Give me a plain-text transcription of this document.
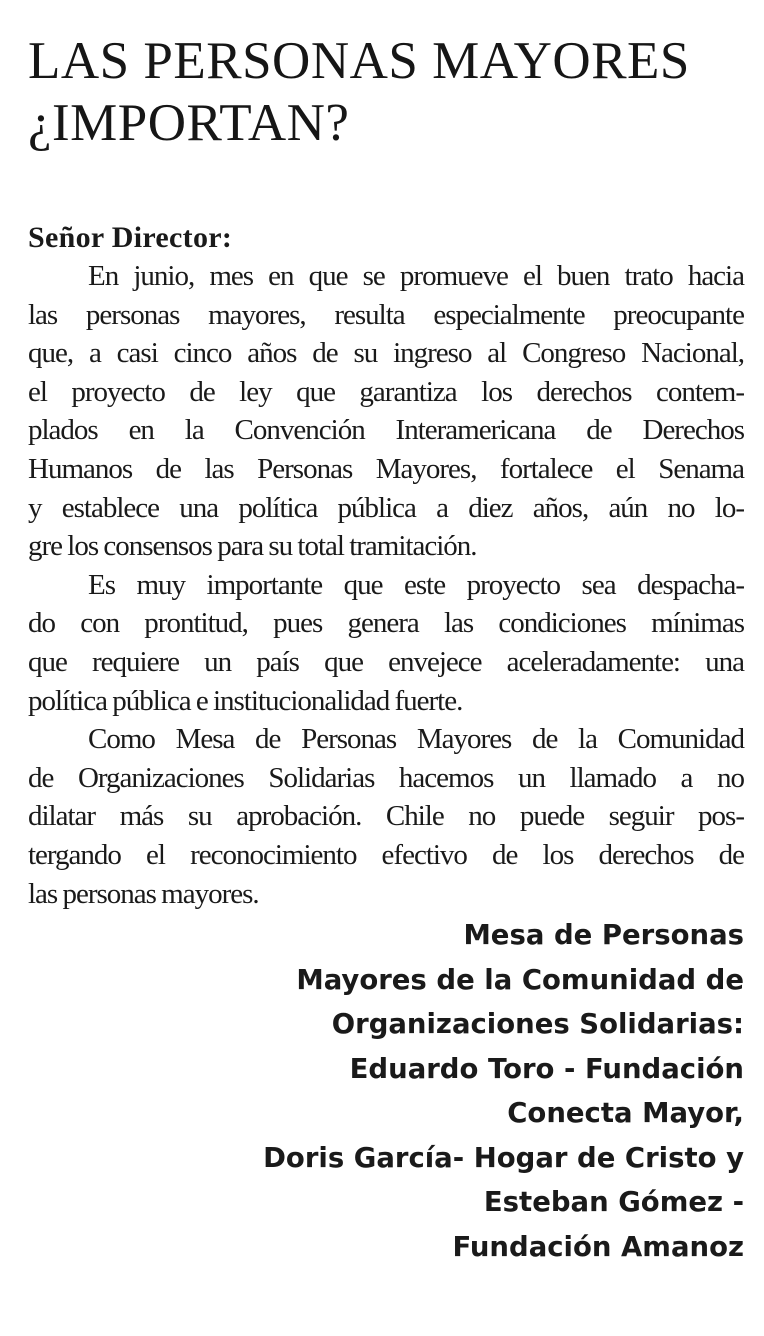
LAS PERSONAS MAYORES
¿IMPORTAN?
Señor Director:
En junio, mes en que se promueve el buen trato hacia
las personas mayores, resulta especialmente preocupante
que, a casi cinco años de su ingreso al Congreso Nacional,
el proyecto de ley que garantiza los derechos contem-
plados en la Convención Interamericana de Derechos
Humanos de las Personas Mayores, fortalece el Senama
y establece una política pública a diez años, aún no lo-
gre los consensos para su total tramitación.
Es muy importante que este proyecto sea despacha-
do con prontitud, pues genera las condiciones mínimas
que requiere un país que envejece aceleradamente: una
política pública e institucionalidad fuerte.
Como Mesa de Personas Mayores de la Comunidad
de Organizaciones Solidarias hacemos un llamado a no
dilatar más su aprobación. Chile no puede seguir pos-
tergando el reconocimiento efectivo de los derechos de
las personas mayores.
Mesa de Personas
Mayores de la Comunidad de
Organizaciones Solidarias:
Eduardo Toro - Fundación
Conecta Mayor,
Doris García- Hogar de Cristo y
Esteban Gómez -
Fundación Amanoz
